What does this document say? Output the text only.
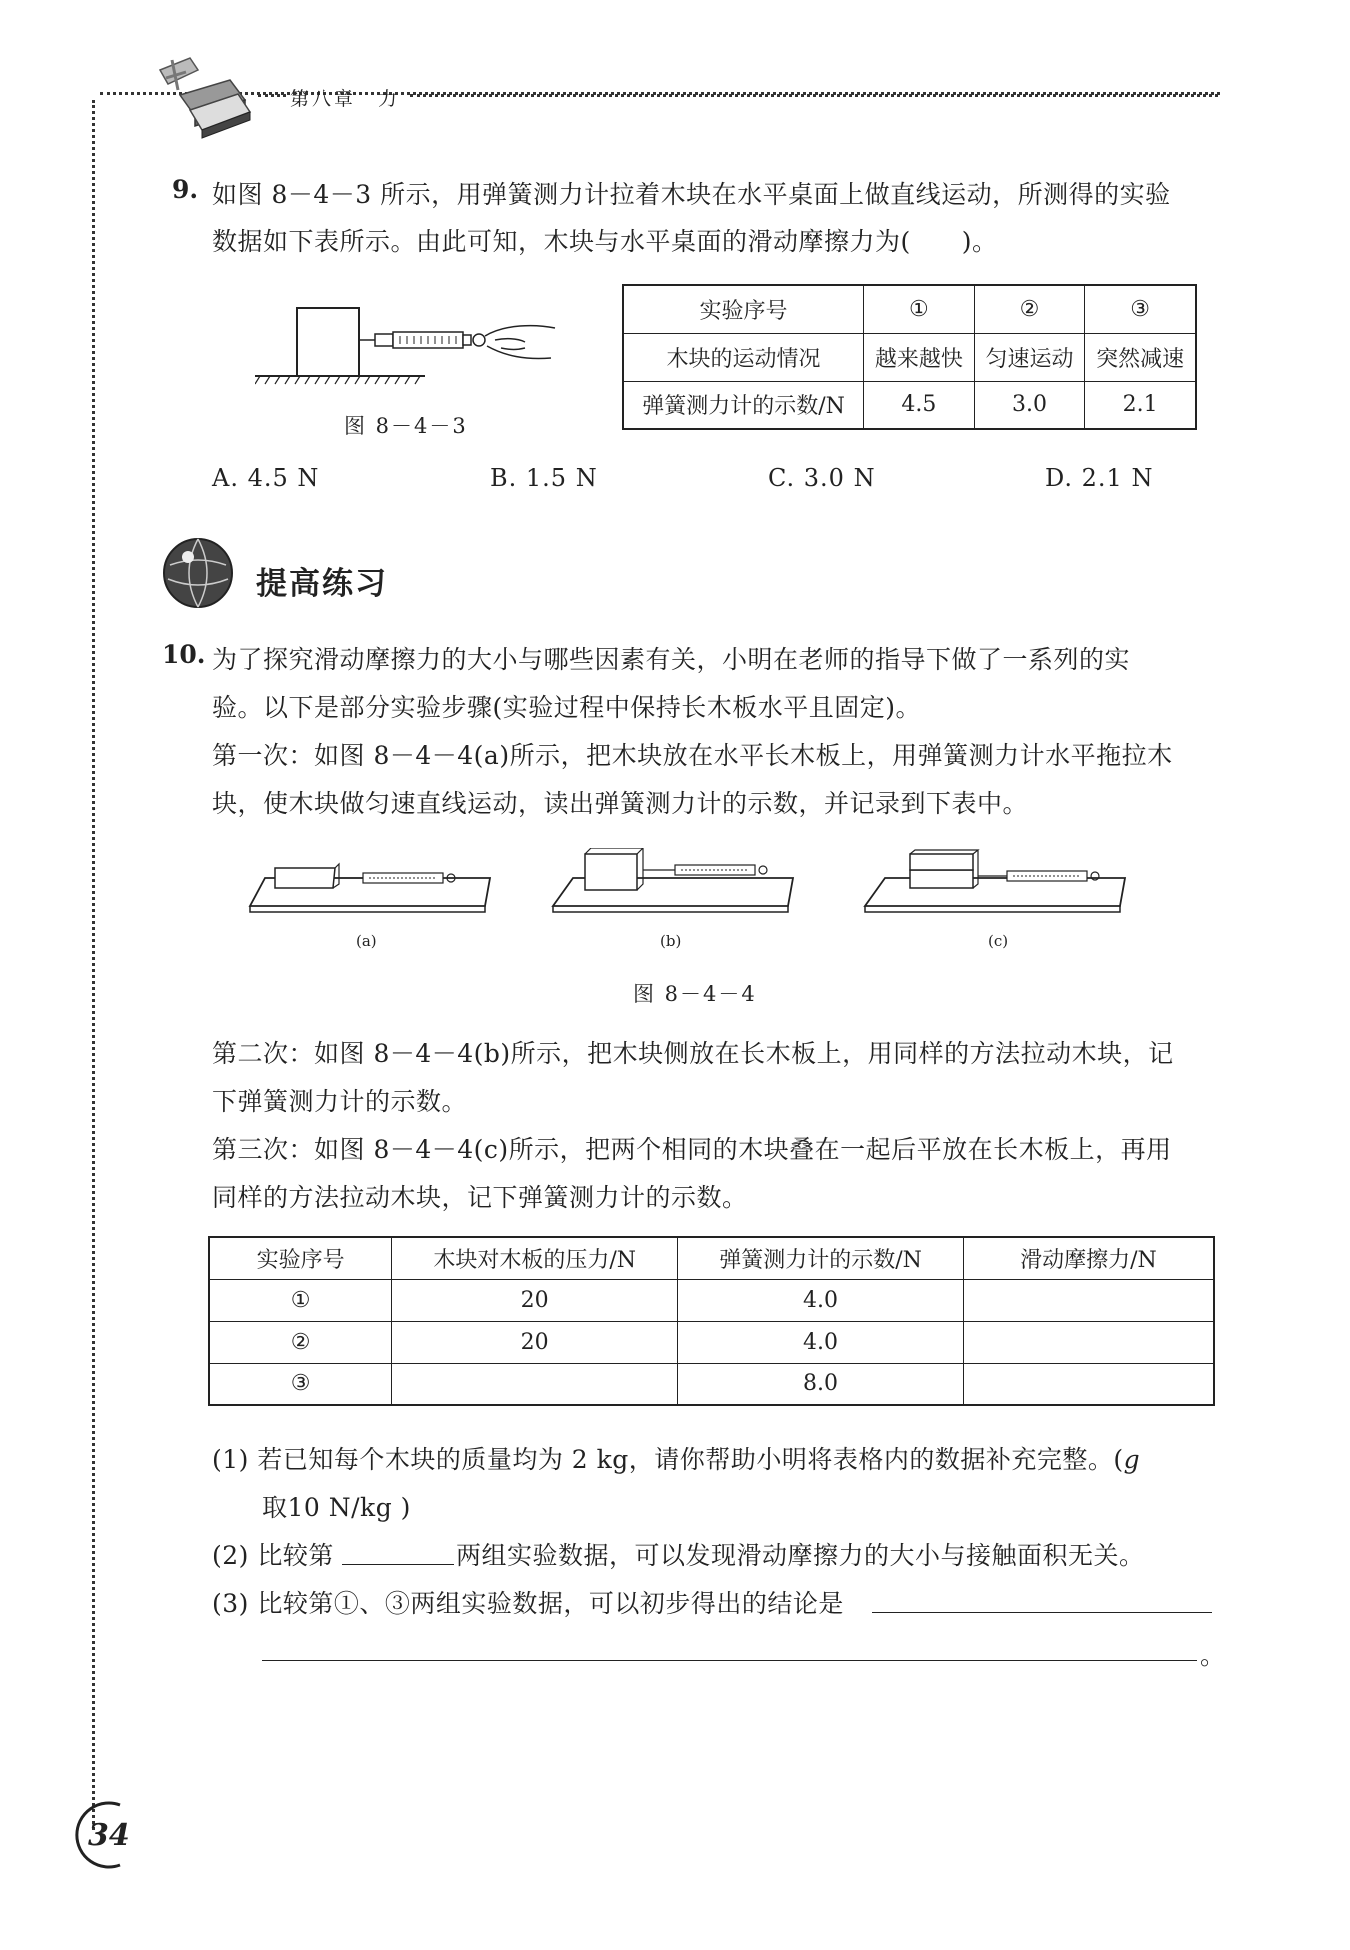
第八章　力
9. 如图 8－4－3 所示，用弹簧测力计拉着木块在水平桌面上做直线运动，所测得的实验
数据如下表所示。由此可知，木块与水平桌面的滑动摩擦力为(　　)。
图 8－4－3
实验序号	①	②	③
木块的运动情况	越来越快	匀速运动	突然减速
弹簧测力计的示数/N	4.5	3.0	2.1
A. 4.5 N	B. 1.5 N	C. 3.0 N	D. 2.1 N
提高练习
10. 为了探究滑动摩擦力的大小与哪些因素有关，小明在老师的指导下做了一系列的实
验。以下是部分实验步骤(实验过程中保持长木板水平且固定)。
第一次：如图 8－4－4(a)所示，把木块放在水平长木板上，用弹簧测力计水平拖拉木
块，使木块做匀速直线运动，读出弹簧测力计的示数，并记录到下表中。
(a)	(b)	(c)
图 8－4－4
第二次：如图 8－4－4(b)所示，把木块侧放在长木板上，用同样的方法拉动木块，记
下弹簧测力计的示数。
第三次：如图 8－4－4(c)所示，把两个相同的木块叠在一起后平放在长木板上，再用
同样的方法拉动木块，记下弹簧测力计的示数。
实验序号	木块对木板的压力/N	弹簧测力计的示数/N	滑动摩擦力/N
①	20	4.0	
②	20	4.0	
③		8.0	
(1) 若已知每个木块的质量均为 2 kg，请你帮助小明将表格内的数据补充完整。(g
取10 N/kg )
(2) 比较第	两组实验数据，可以发现滑动摩擦力的大小与接触面积无关。
(3) 比较第①、③两组实验数据，可以初步得出的结论是
。
34
